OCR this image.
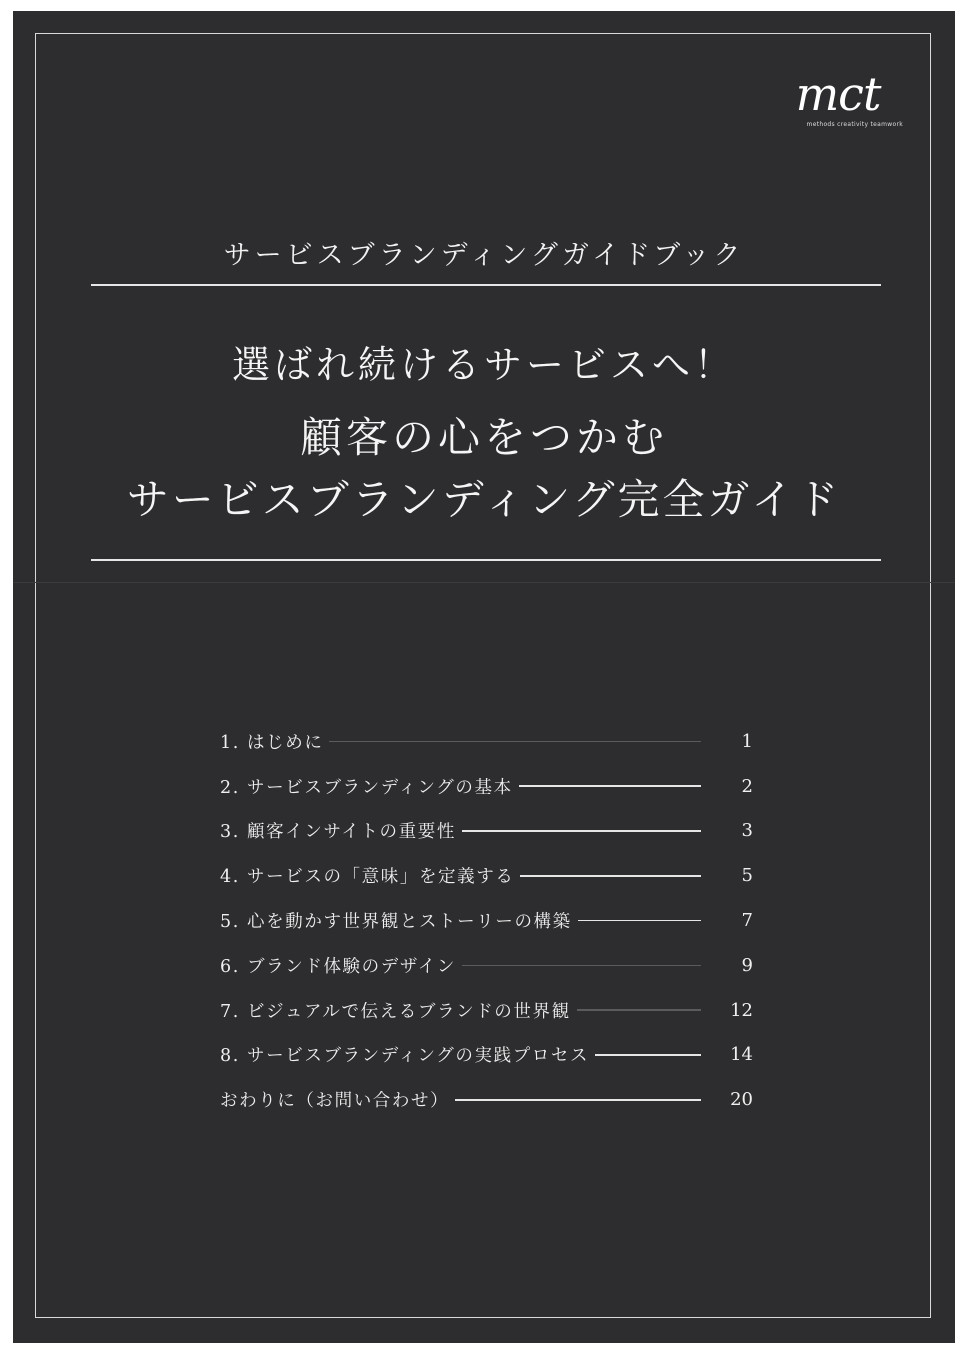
mct
methods creativity teamwork
サービスブランディングガイドブック
選ばれ続けるサービスへ！
顧客の心をつかむ
サービスブランディング完全ガイド
1. はじめに	1
2. サービスブランディングの基本	2
3. 顧客インサイトの重要性	3
4. サービスの「意味」を定義する	5
5. 心を動かす世界観とストーリーの構築	7
6. ブランド体験のデザイン	9
7. ビジュアルで伝えるブランドの世界観	12
8. サービスブランディングの実践プロセス	14
おわりに（お問い合わせ）	20
